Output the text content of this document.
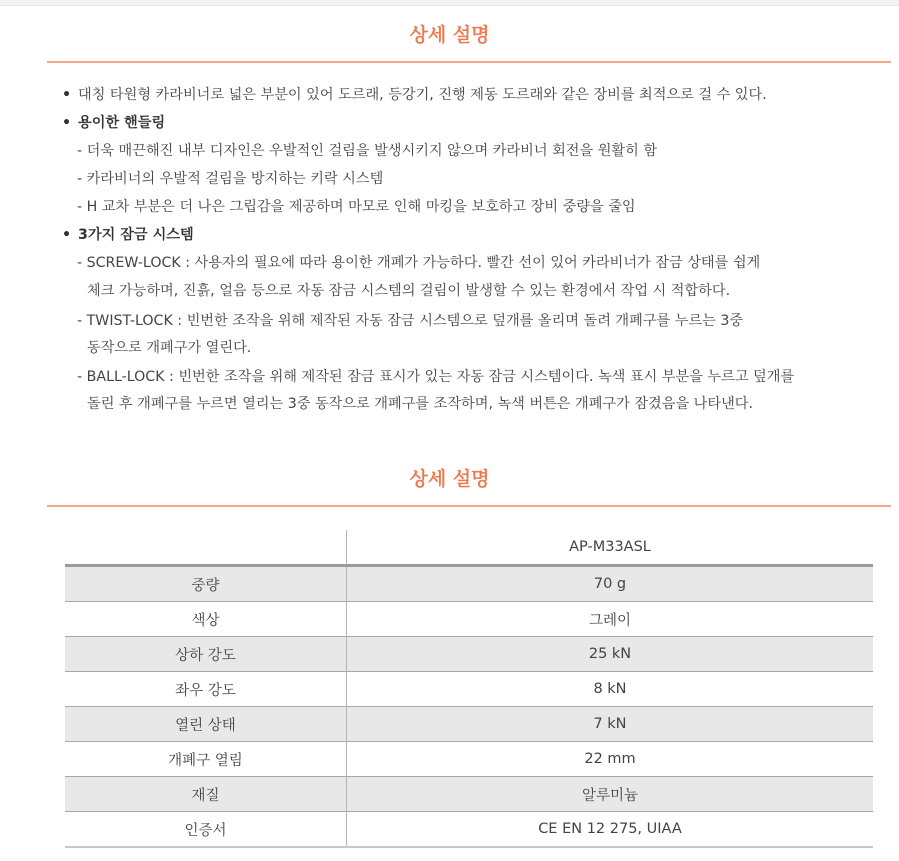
상세 설명
• 대칭 타원형 카라비너로 넓은 부분이 있어 도르래, 등강기, 진행 제동 도르래와 같은 장비를 최적으로 걸 수 있다.
• 용이한 핸들링
- 더욱 매끈해진 내부 디자인은 우발적인 걸림을 발생시키지 않으며 카라비너 회전을 원활히 함
- 카라비너의 우발적 걸림을 방지하는 키락 시스템
- H 교차 부분은 더 나은 그립감을 제공하며 마모로 인해 마킹을 보호하고 장비 중량을 줄임
• 3가지 잠금 시스템
- SCREW-LOCK : 사용자의 필요에 따라 용이한 개폐가 가능하다. 빨간 선이 있어 카라비너가 잠금 상태를 쉽게
체크 가능하며, 진흙, 얼음 등으로 자동 잠금 시스템의 걸림이 발생할 수 있는 환경에서 작업 시 적합하다.
- TWIST-LOCK : 빈번한 조작을 위해 제작된 자동 잠금 시스템으로 덮개를 올리며 돌려 개폐구를 누르는 3중
동작으로 개폐구가 열린다.
- BALL-LOCK : 빈번한 조작을 위해 제작된 잠금 표시가 있는 자동 잠금 시스템이다. 녹색 표시 부분을 누르고 덮개를
돌린 후 개폐구를 누르면 열리는 3중 동작으로 개폐구를 조작하며, 녹색 버튼은 개폐구가 잠겼음을 나타낸다.
상세 설명
	AP-M33ASL
중량	70 g
색상	그레이
상하 강도	25 kN
좌우 강도	8 kN
열린 상태	7 kN
개폐구 열림	22 mm
재질	알루미늄
인증서	CE EN 12 275, UIAA
